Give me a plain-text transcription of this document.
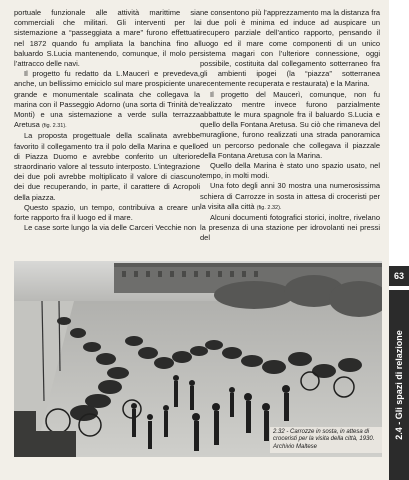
portuale funzionale alle attività marittime sia commerciali che militari. Gli interventi per la sistemazione a “passeggiata a mare” furono effettuati nel 1872 quando fu ampliata la banchina fino al baluardo S.Lucia mantenendo, comunque, il molo per l’attracco delle navi.

Il progetto fu redatto da L.Maucerì e prevedeva, anche, un bellissimo emiciclo sul mare prospiciente una grande e monumentale scalinata che collegava la marina con il Passeggio Adorno (una sorta di Trinità de’ Monti) e una sistemazione a verde sulla terrazza Aretusa (fig. 2.31).

La proposta progettuale della scalinata avrebbe favorito il collegamento tra il polo della Marina e quello di Piazza Duomo e avrebbe conferito un ulteriore straordinario valore al tessuto interposto. L’integrazione dei due poli avrebbe moltiplicato il valore di ciascuno dei due recuperando, in parte, il carattere di Acropoli della piazza.

Questo spazio, un tempo, contribuiva a creare un forte rapporto fra il luogo ed il mare.

Le case sorte lungo la via delle Carceri Vecchie non

ne consentono più l’apprezzamento ma la distanza fra i due poli è minima ed induce ad auspicare un recupero parziale dell’antico rapporto, pensando il luogo ed il mare come componenti di un unico sistema magari con l’ulteriore connessione, oggi possibile, costituita dal collegamento sotterraneo fra gli ambienti ipogei (la “piazza” sotterranea recentemente recuperata e restaurata) e la Marina.

Il progetto del Maucerì, comunque, non fu realizzato mentre invece furono parzialmente abbattute le mura spagnole fra il baluardo S.Lucia e quello della Fontana Aretusa. Su ciò che rimaneva del muraglione, furono realizzati una strada panoramica ed un percorso pedonale che collegava il piazzale della Fontana Aretusa con la Marina.

Quello della Marina è stato uno spazio usato, nel tempo, in molti modi.

Una foto degli anni 30 mostra una numerosissima schiera di Carrozze in sosta in attesa di croceristi per la visita alla città (fig. 2.32).

Alcuni documenti fotografici storici, inoltre, rivelano la presenza di una stazione per idrovolanti nei pressi del

2.32 - Carrozze in sosta, in attesa di croceristi per la visita della città, 1930. Archivio Maltese
63
2.4 - Gli spazi di relazione
